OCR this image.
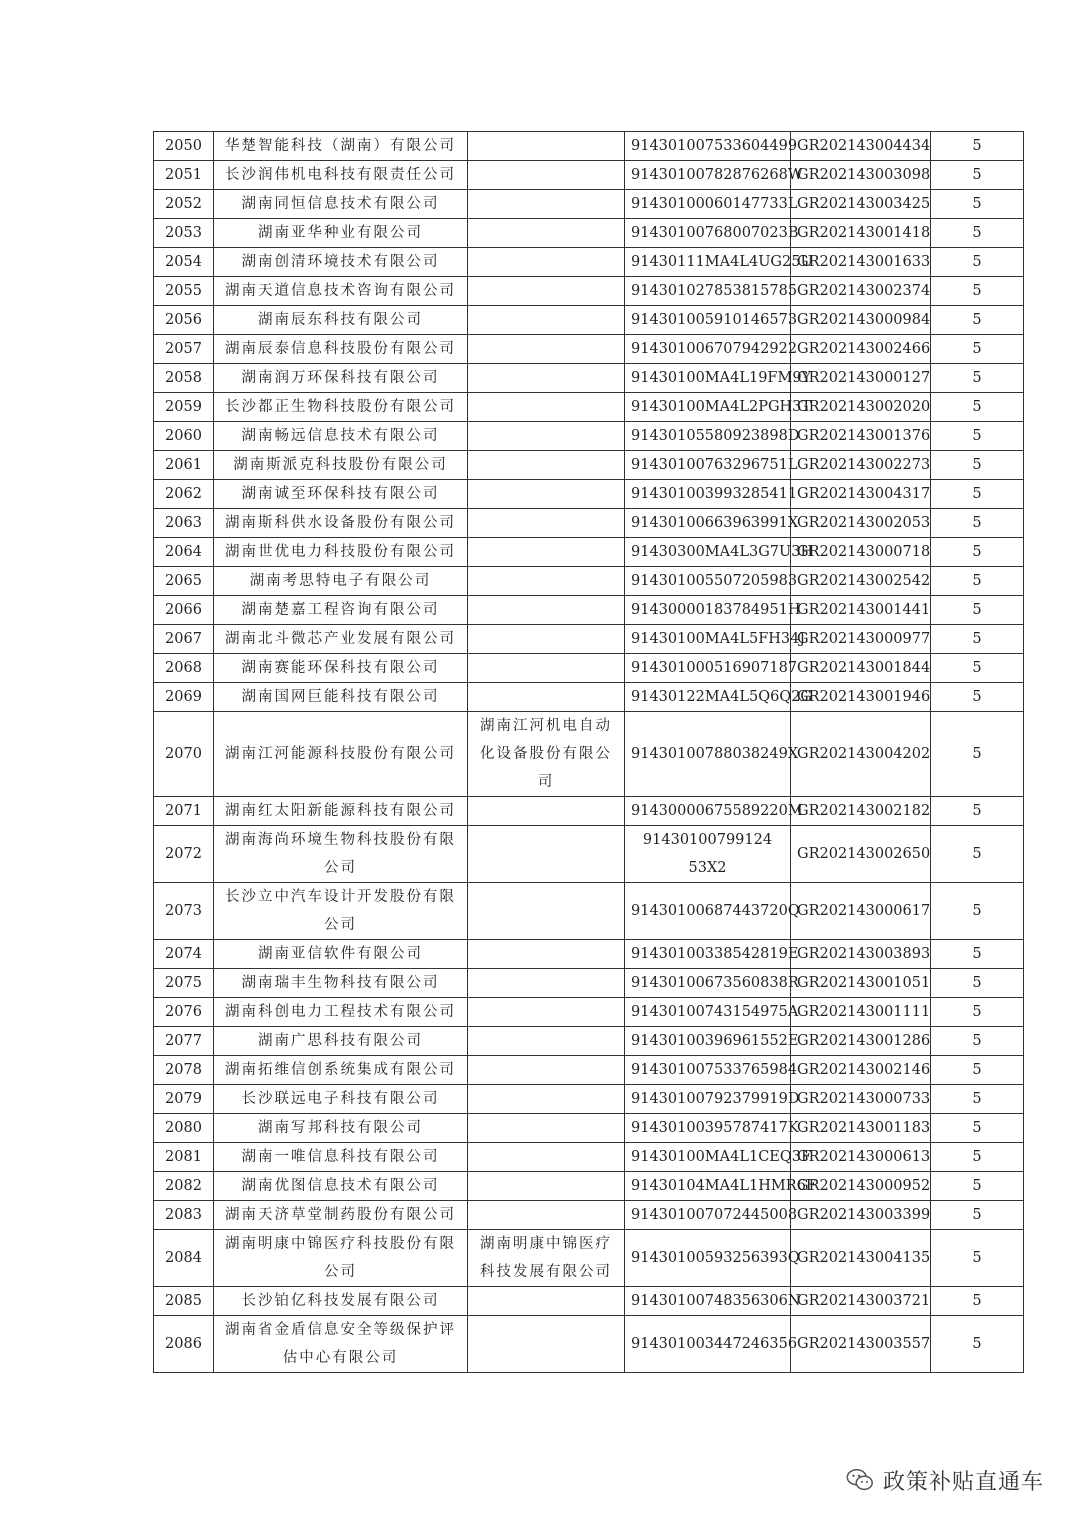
2050	华楚智能科技（湖南）有限公司		914301007533604499	GR202143004434	5
2051	长沙润伟机电科技有限责任公司		91430100782876268W	GR202143003098	5
2052	湖南同恒信息技术有限公司		91430100060147733L	GR202143003425	5
2053	湖南亚华种业有限公司		91430100768007023B	GR202143001418	5
2054	湖南创清环境技术有限公司		91430111MA4L4UG25U	GR202143001633	5
2055	湖南天道信息技术咨询有限公司		914301027853815785	GR202143002374	5
2056	湖南辰东科技有限公司		914301005910146573	GR202143000984	5
2057	湖南辰泰信息科技股份有限公司		914301006707942922	GR202143002466	5
2058	湖南润万环保科技有限公司		91430100MA4L19FM9Y	GR202143000127	5
2059	长沙都正生物科技股份有限公司		91430100MA4L2PGH3T	GR202143002020	5
2060	湖南畅远信息技术有限公司		91430105580923898D	GR202143001376	5
2061	湖南斯派克科技股份有限公司		91430100763296751L	GR202143002273	5
2062	湖南诚至环保科技有限公司		914301003993285411	GR202143004317	5
2063	湖南斯科供水设备股份有限公司		91430100663963991X	GR202143002053	5
2064	湖南世优电力科技股份有限公司		91430300MA4L3G7U3H	GR202143000718	5
2065	湖南考思特电子有限公司		914301005507205983	GR202143002542	5
2066	湖南楚嘉工程咨询有限公司		91430000183784951H	GR202143001441	5
2067	湖南北斗微芯产业发展有限公司		91430100MA4L5FH34J	GR202143000977	5
2068	湖南赛能环保科技有限公司		914301000516907187	GR202143001844	5
2069	湖南国网巨能科技有限公司		91430122MA4L5Q6Q2G	GR202143001946	5
2070	湖南江河能源科技股份有限公司	湖南江河机电自动化设备股份有限公司	91430100788038249X	GR202143004202	5
2071	湖南红太阳新能源科技有限公司		91430000675589220M	GR202143002182	5
2072	湖南海尚环境生物科技股份有限公司		91430100799124​53X2	GR202143002650	5
2073	长沙立中汽车设计开发股份有限公司		91430100687443720Q	GR202143000617	5
2074	湖南亚信软件有限公司		91430100338542819E	GR202143003893	5
2075	湖南瑞丰生物科技有限公司		91430100673560838R	GR202143001051	5
2076	湖南科创电力工程技术有限公司		91430100743154975A	GR202143001111	5
2077	湖南广思科技有限公司		91430100396961552E	GR202143001286	5
2078	湖南拓维信创系统集成有限公司		914301007533765984	GR202143002146	5
2079	长沙联远电子科技有限公司		91430100792379919D	GR202143000733	5
2080	湖南写邦科技有限公司		91430100395787417K	GR202143001183	5
2081	湖南一唯信息科技有限公司		91430100MA4L1CEQ3F	GR202143000613	5
2082	湖南优图信息技术有限公司		91430104MA4L1HMR6F	GR202143000952	5
2083	湖南天济草堂制药股份有限公司		914301007072445008	GR202143003399	5
2084	湖南明康中锦医疗科技股份有限公司	湖南明康中锦医疗科技发展有限公司	91430100593256393Q	GR202143004135	5
2085	长沙铂亿科技发展有限公司		91430100748356306N	GR202143003721	5
2086	湖南省金盾信息安全等级保护评估中心有限公司		914301003447246356	GR202143003557	5
政策补贴直通车
